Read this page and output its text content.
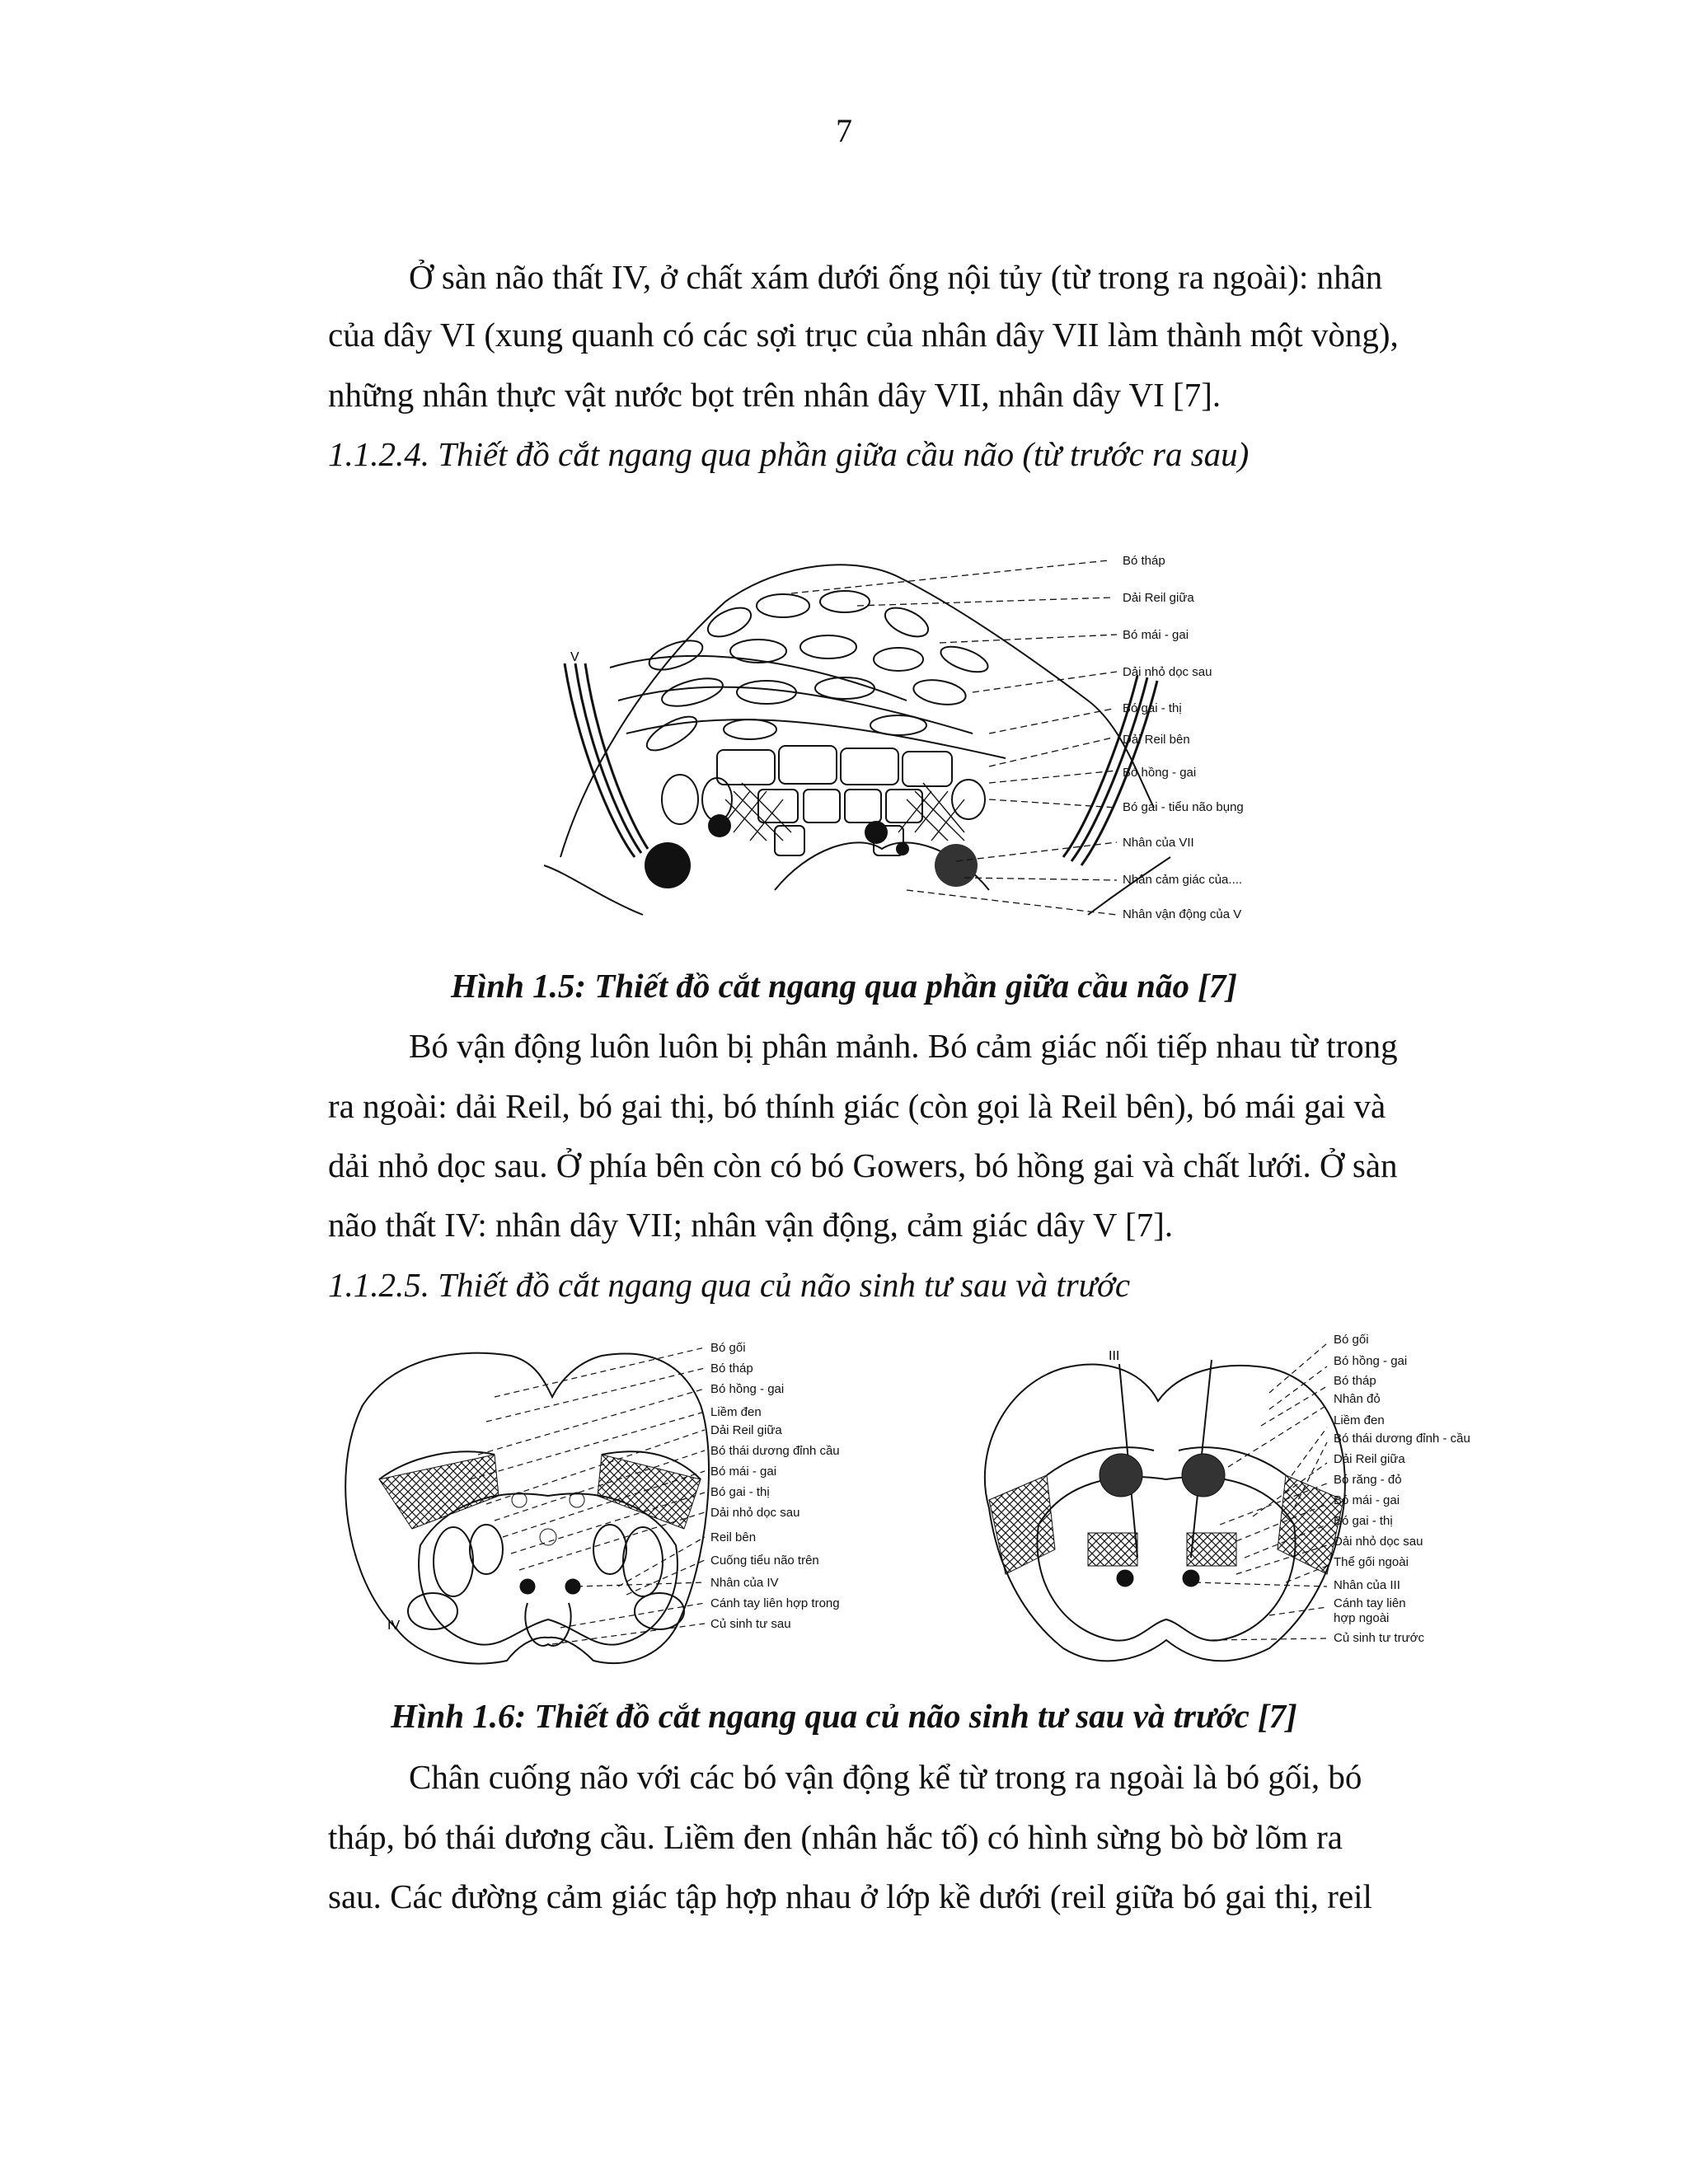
7
Ở sàn não thất IV, ở chất xám dưới ống nội tủy (từ trong ra ngoài): nhân
của dây VI (xung quanh có các sợi trục của nhân dây VII làm thành một vòng),
những nhân thực vật nước bọt trên nhân dây VII, nhân dây VI [7].
1.1.2.4. Thiết đồ cắt ngang qua phần giữa cầu não (từ trước ra sau)
V
Bó tháp
Dải Reil giữa
Bó mái - gai
Dải nhỏ dọc sau
Bó gai - thị
Dải Reil bên
Bó hồng - gai
Bó gai - tiểu não bụng
Nhân của VII
Nhân cảm giác của....
Nhân vận động của V
Hình 1.5: Thiết đồ cắt ngang qua phần giữa cầu não [7]
Bó vận động luôn luôn bị phân mảnh. Bó cảm giác nối tiếp nhau từ trong
ra ngoài: dải Reil, bó gai thị, bó thính giác (còn gọi là Reil bên), bó mái gai và
dải nhỏ dọc sau. Ở phía bên còn có bó Gowers, bó hồng gai và chất lưới. Ở sàn
não thất IV: nhân dây VII; nhân vận động, cảm giác dây V [7].
1.1.2.5. Thiết đồ cắt ngang qua củ não sinh tư sau và trước
IV
Bó gối
Bó tháp
Bó hồng - gai
Liềm đen
Dải Reil giữa
Bó thái dương đỉnh cầu
Bó mái - gai
Bó gai - thị
Dải nhỏ dọc sau
Reil bên
Cuống tiểu não trên
Nhân của IV
Cánh tay liên hợp trong
Củ sinh tư sau
III
Bó gối
Bó hồng - gai
Bó tháp
Nhân đỏ
Liềm đen
Bó thái dương đỉnh - cầu
Dải Reil giữa
Bó răng - đỏ
Bó mái - gai
Bó gai - thị
Dải nhỏ dọc sau
Thể gối ngoài
Nhân của III
Cánh tay liên
hợp ngoài
Củ sinh tư trước
Hình 1.6: Thiết đồ cắt ngang qua củ não sinh tư sau và trước [7]
Chân cuống não với các bó vận động kể từ trong ra ngoài là bó gối, bó
tháp, bó thái dương cầu. Liềm đen (nhân hắc tố) có hình sừng bò bờ lõm ra
sau. Các đường cảm giác tập hợp nhau ở lớp kề dưới (reil giữa bó gai thị, reil
